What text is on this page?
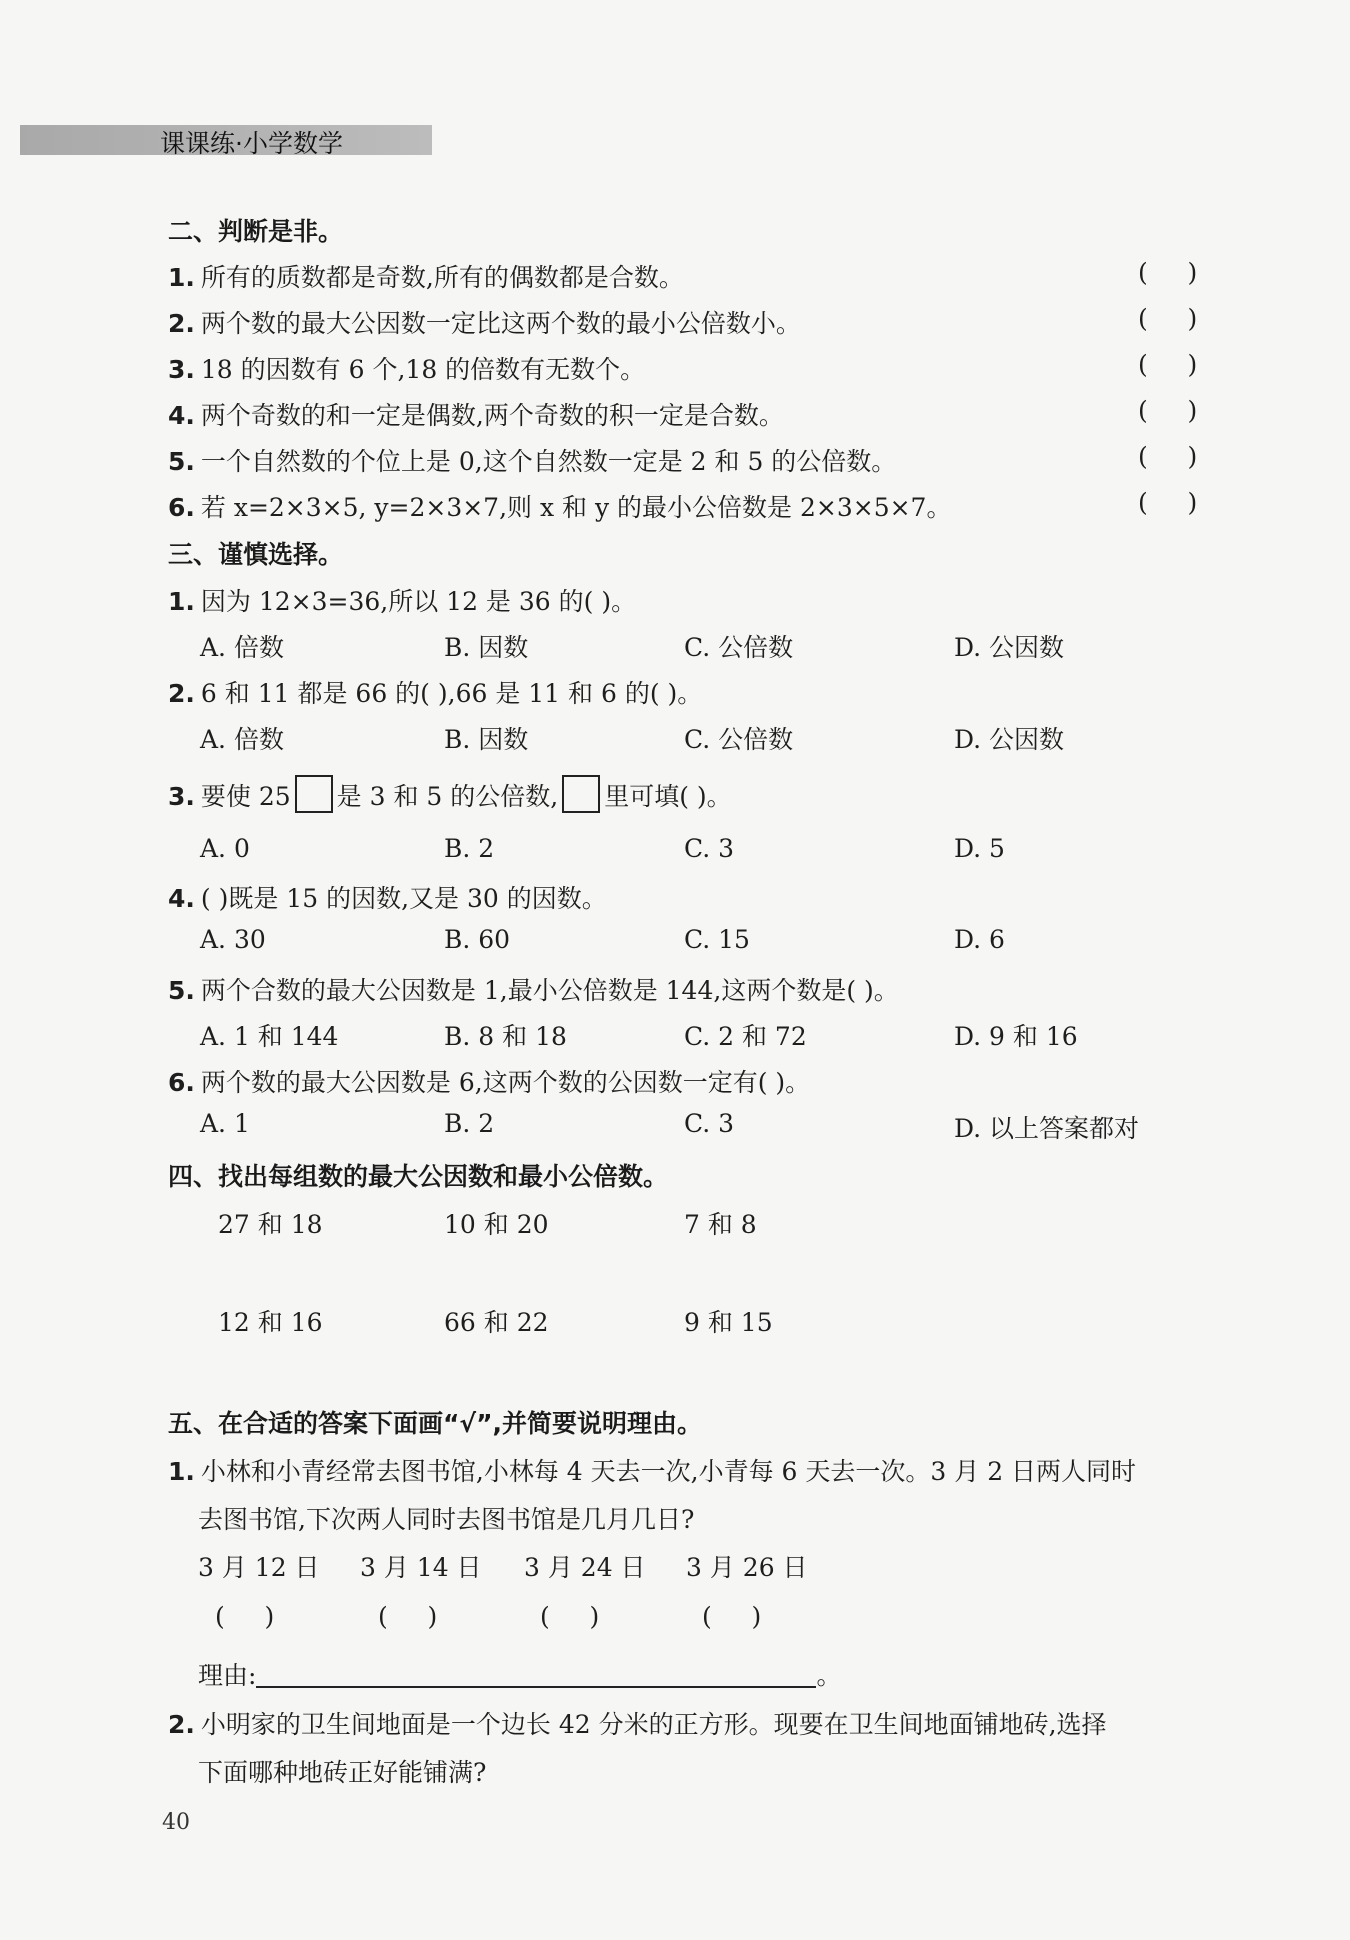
课课练·小学数学
二、判断是非。
1. 所有的质数都是奇数,所有的偶数都是合数。	(     )
2. 两个数的最大公因数一定比这两个数的最小公倍数小。	(     )
3. 18 的因数有 6 个,18 的倍数有无数个。	(     )
4. 两个奇数的和一定是偶数,两个奇数的积一定是合数。	(     )
5. 一个自然数的个位上是 0,这个自然数一定是 2 和 5 的公倍数。	(     )
6. 若 x=2×3×5, y=2×3×7,则 x 和 y 的最小公倍数是 2×3×5×7。	(     )
三、谨慎选择。
1. 因为 12×3=36,所以 12 是 36 的( )。
A. 倍数	B. 因数	C. 公倍数	D. 公因数
2. 6 和 11 都是 66 的( ),66 是 11 和 6 的( )。
A. 倍数	B. 因数	C. 公倍数	D. 公因数
3. 要使 25 是 3 和 5 的公倍数, 里可填( )。
A. 0	B. 2	C. 3	D. 5
4. ( )既是 15 的因数,又是 30 的因数。
A. 30	B. 60	C. 15	D. 6
5. 两个合数的最大公因数是 1,最小公倍数是 144,这两个数是( )。
A. 1 和 144	B. 8 和 18	C. 2 和 72	D. 9 和 16
6. 两个数的最大公因数是 6,这两个数的公因数一定有( )。
A. 1	B. 2	C. 3	D. 以上答案都对
四、找出每组数的最大公因数和最小公倍数。
27 和 18	10 和 20	7 和 8
12 和 16	66 和 22	9 和 15
五、在合适的答案下面画“√”,并简要说明理由。
1. 小林和小青经常去图书馆,小林每 4 天去一次,小青每 6 天去一次。3 月 2 日两人同时
去图书馆,下次两人同时去图书馆是几月几日?
3 月 12 日 3 月 14 日 3 月 24 日 3 月 26 日
(     )	(     )	(     )	(     )
理由:	。
2. 小明家的卫生间地面是一个边长 42 分米的正方形。现要在卫生间地面铺地砖,选择
下面哪种地砖正好能铺满?
40
